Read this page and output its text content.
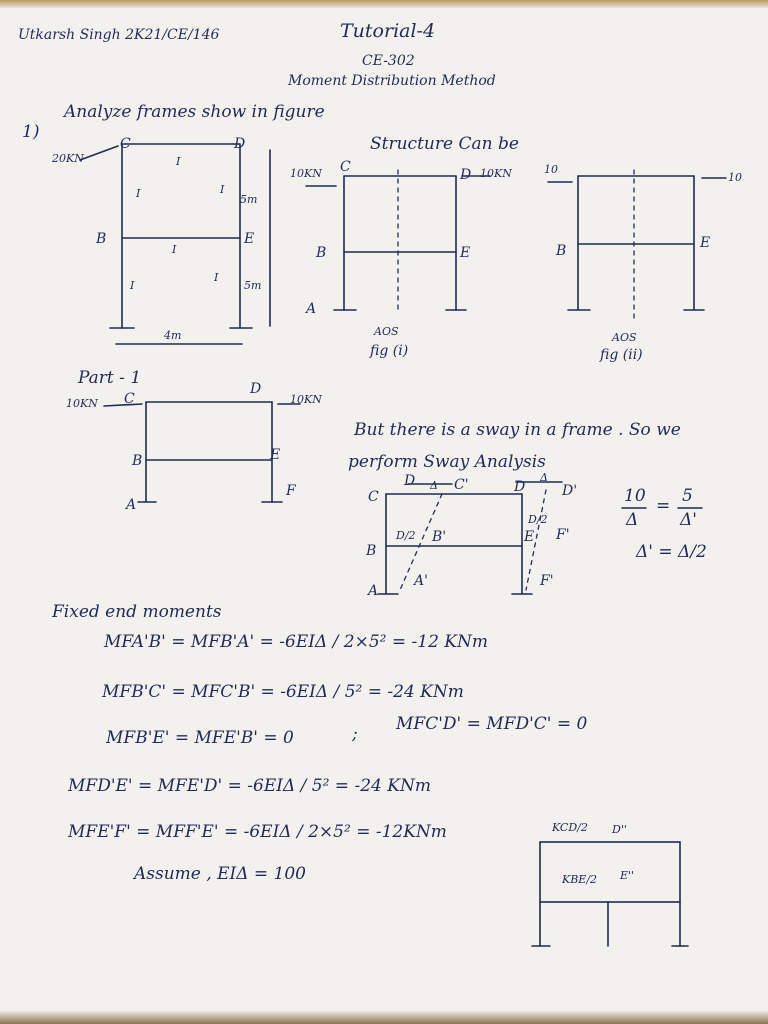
Utkarsh Singh 2K21/CE/146	Tutorial-4

CE-302

Moment Distribution Method

1)

Analyze frames show in figure

20KN

C	D

B	E

I

I	I

I

I

I

5m

5m

4m

Structure Can be

10KN	10KN

C	D

B	E

A

AOS

fig (i)

10

10

B	E

AOS

fig (ii)

Part - 1

10KN	10KN

C

D

B	E

A

F

But there is a sway in a frame . So we

perform Sway Analysis

C

D	C'	D	D'

Δ

Δ

D/2 B'

D/2

E F'

B

A

A'	F'

10

Δ

= 5

Δ'

Δ' = Δ/2

Fixed end moments

MFA'B' = MFB'A' = -6EIΔ / 2×5² = -12 KNm

MFB'C' = MFC'B' = -6EIΔ / 5² = -24 KNm

MFB'E' = MFE'B' = 0	; MFC'D' = MFD'C' = 0

MFD'E' = MFE'D' = -6EIΔ / 5² = -24 KNm

MFE'F' = MFF'E' = -6EIΔ / 2×5² = -12KNm

Assume , EIΔ = 100

KCD/2 D''

KBE/2 E''
